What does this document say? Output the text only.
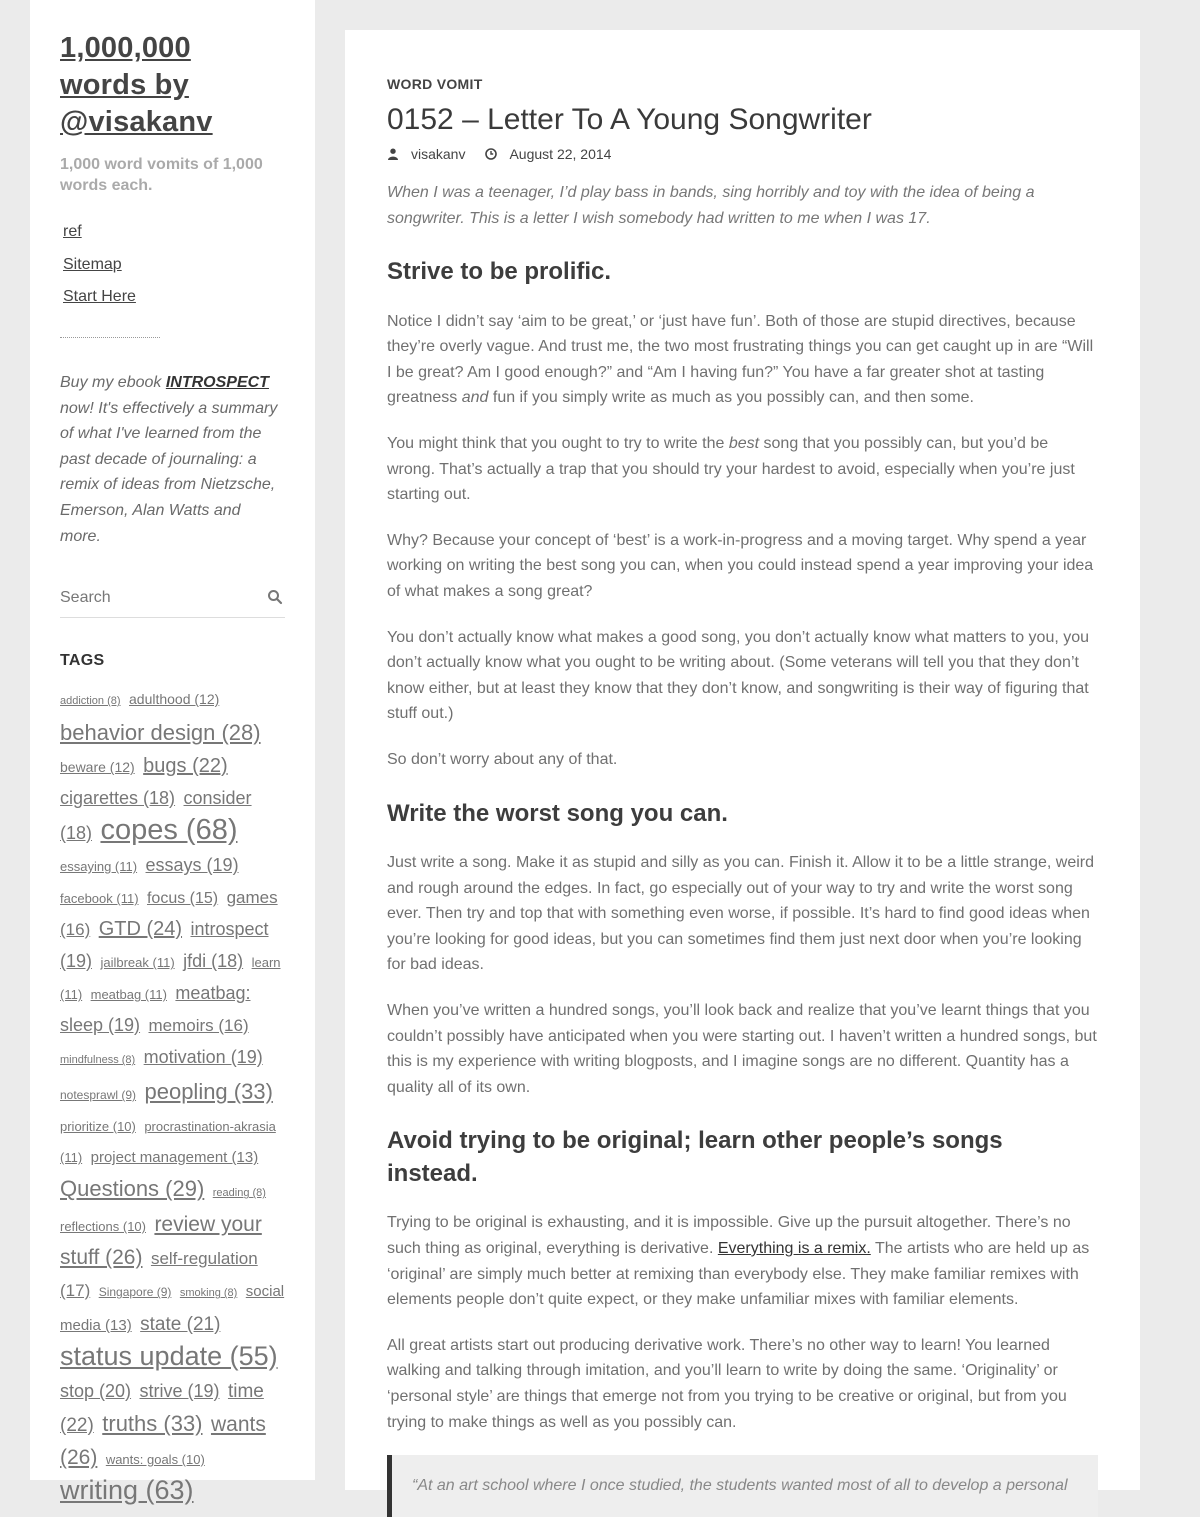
1,000,000 words by @visakanv
1,000 word vomits of 1,000 words each.
ref
Sitemap
Start Here
Buy my ebook INTROSPECT now! It's effectively a summary of what I've learned from the past decade of journaling: a remix of ideas from Nietzsche, Emerson, Alan Watts and more.
Search
TAGS
addiction (8) adulthood (12) behavior design (28) beware (12) bugs (22) cigarettes (18) consider (18) copes (68) essaying (11) essays (19) facebook (11) focus (15) games (16) GTD (24) introspect (19) jailbreak (11) jfdi (18) learn (11) meatbag (11) meatbag: sleep (19) memoirs (16) mindfulness (8) motivation (19) notesprawl (9) peopling (33) prioritize (10) procrastination-akrasia (11) project management (13) Questions (29) reading (8) reflections (10) review your stuff (26) self-regulation (17) Singapore (9) smoking (8) social media (13) state (21) status update (55) stop (20) strive (19) time (22) truths (33) wants (26) wants: goals (10) writing (63)
WORD VOMIT
0152 – Letter To A Young Songwriter
visakanv	August 22, 2014

When I was a teenager, I’d play bass in bands, sing horribly and toy with the idea of being a songwriter. This is a letter I wish somebody had written to me when I was 17.

Strive to be prolific.

Notice I didn’t say ‘aim to be great,’ or ‘just have fun’. Both of those are stupid directives, because they’re overly vague. And trust me, the two most frustrating things you can get caught up in are “Will I be great? Am I good enough?” and “Am I having fun?” You have a far greater shot at tasting greatness and fun if you simply write as much as you possibly can, and then some.

You might think that you ought to try to write the best song that you possibly can, but you’d be wrong. That’s actually a trap that you should try your hardest to avoid, especially when you’re just starting out.

Why? Because your concept of ‘best’ is a work-in-progress and a moving target. Why spend a year working on writing the best song you can, when you could instead spend a year improving your idea of what makes a song great?

You don’t actually know what makes a good song, you don’t actually know what matters to you, you don’t actually know what you ought to be writing about. (Some veterans will tell you that they don’t know either, but at least they know that they don’t know, and songwriting is their way of figuring that stuff out.)

So don’t worry about any of that.

Write the worst song you can.

Just write a song. Make it as stupid and silly as you can. Finish it. Allow it to be a little strange, weird and rough around the edges. In fact, go especially out of your way to try and write the worst song ever. Then try and top that with something even worse, if possible. It’s hard to find good ideas when you’re looking for good ideas, but you can sometimes find them just next door when you’re looking for bad ideas.

When you’ve written a hundred songs, you’ll look back and realize that you’ve learnt things that you couldn’t possibly have anticipated when you were starting out. I haven’t written a hundred songs, but this is my experience with writing blogposts, and I imagine songs are no different. Quantity has a quality all of its own.

Avoid trying to be original; learn other people’s songs instead.

Trying to be original is exhausting, and it is impossible. Give up the pursuit altogether. There’s no such thing as original, everything is derivative. Everything is a remix. The artists who are held up as ‘original’ are simply much better at remixing than everybody else. They make familiar remixes with elements people don’t quite expect, or they make unfamiliar mixes with familiar elements.

All great artists start out producing derivative work. There’s no other way to learn! You learned walking and talking through imitation, and you’ll learn to write by doing the same. ‘Originality’ or ‘personal style’ are things that emerge not from you trying to be creative or original, but from you trying to make things as well as you possibly can.

“At an art school where I once studied, the students wanted most of all to develop a personal
